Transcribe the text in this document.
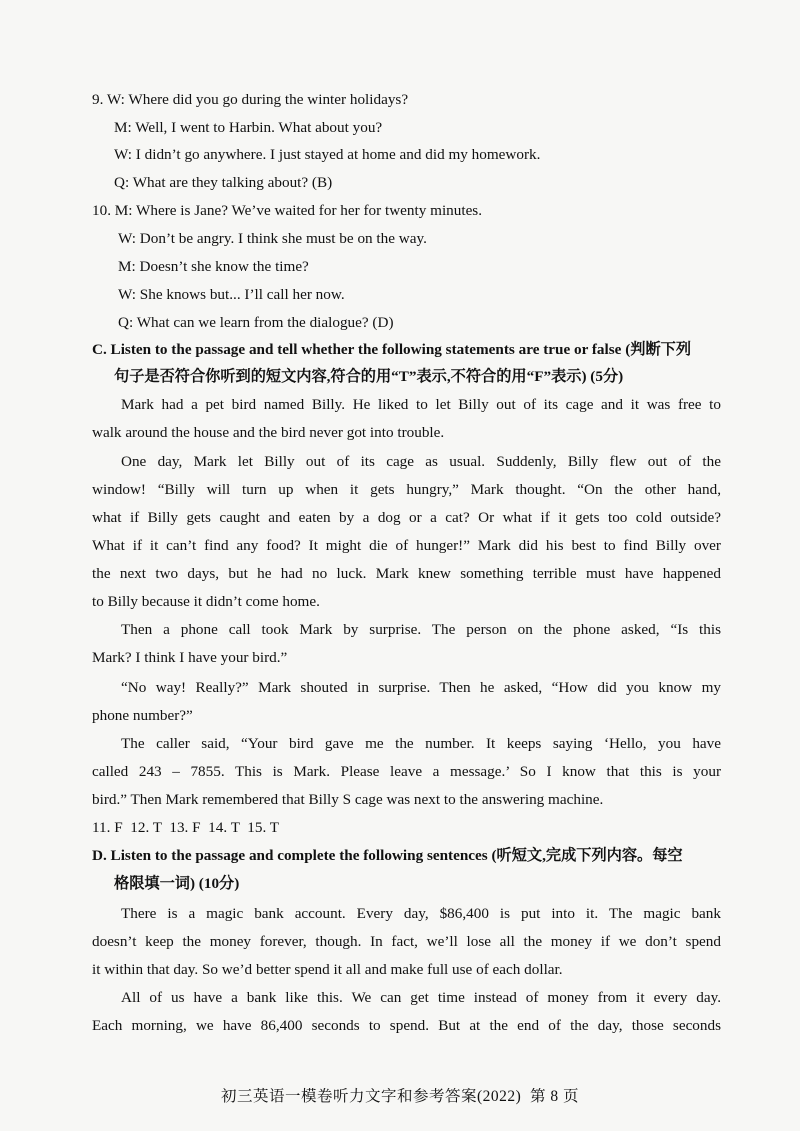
9. W: Where did you go during the winter holidays?
M: Well, I went to Harbin. What about you?
W: I didn’t go anywhere. I just stayed at home and did my homework.
Q: What are they talking about? (B)
10. M: Where is Jane? We’ve waited for her for twenty minutes.
W: Don’t be angry. I think she must be on the way.
M: Doesn’t she know the time?
W: She knows but... I’ll call her now.
Q: What can we learn from the dialogue? (D)
C. Listen to the passage and tell whether the following statements are true or false (判断下列
句子是否符合你听到的短文内容,符合的用“T”表示,不符合的用“F”表示) (5分)
Mark had a pet bird named Billy. He liked to let Billy out of its cage and it was free to
walk around the house and the bird never got into trouble.
One day, Mark let Billy out of its cage as usual. Suddenly, Billy flew out of the
window! “Billy will turn up when it gets hungry,” Mark thought. “On the other hand,
what if Billy gets caught and eaten by a dog or a cat? Or what if it gets too cold outside?
What if it can’t find any food? It might die of hunger!” Mark did his best to find Billy over
the next two days, but he had no luck. Mark knew something terrible must have happened
to Billy because it didn’t come home.
Then a phone call took Mark by surprise. The person on the phone asked, “Is this
Mark? I think I have your bird.”
“No way! Really?” Mark shouted in surprise. Then he asked, “How did you know my
phone number?”
The caller said, “Your bird gave me the number. It keeps saying ‘Hello, you have
called 243 – 7855. This is Mark. Please leave a message.’ So I know that this is your
bird.” Then Mark remembered that Billy S cage was next to the answering machine.
11. F  12. T  13. F  14. T  15. T
D. Listen to the passage and complete the following sentences (听短文,完成下列内容。每空
格限填一词) (10分)
There is a magic bank account. Every day, $86,400 is put into it. The magic bank
doesn’t keep the money forever, though. In fact, we’ll lose all the money if we don’t spend
it within that day. So we’d better spend it all and make full use of each dollar.
All of us have a bank like this. We can get time instead of money from it every day.
Each morning, we have 86,400 seconds to spend. But at the end of the day, those seconds
初三英语一模卷听力文字和参考答案(2022)  第 8 页
